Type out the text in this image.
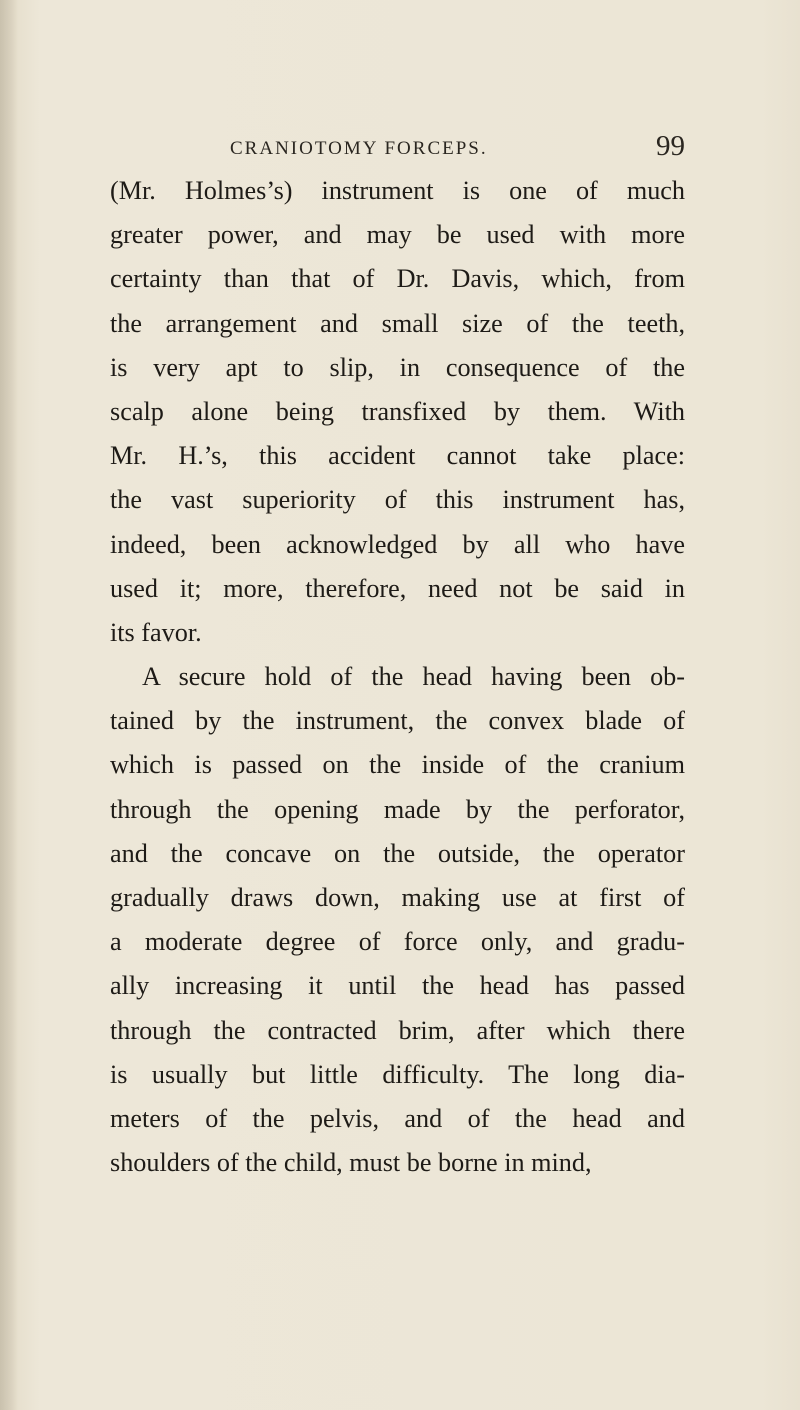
CRANIOTOMY FORCEPS.	99
(Mr. Holmes’s) instrument is one of much
greater power, and may be used with more
certainty than that of Dr. Davis, which, from
the arrangement and small size of the teeth,
is very apt to slip, in consequence of the
scalp alone being transfixed by them. With
Mr. H.’s, this accident cannot take place:
the vast superiority of this instrument has,
indeed, been acknowledged by all who have
used it; more, therefore, need not be said in
its favor.
A secure hold of the head having been ob-
tained by the instrument, the convex blade of
which is passed on the inside of the cranium
through the opening made by the perforator,
and the concave on the outside, the operator
gradually draws down, making use at first of
a moderate degree of force only, and gradu-
ally increasing it until the head has passed
through the contracted brim, after which there
is usually but little difficulty. The long dia-
meters of the pelvis, and of the head and
shoulders of the child, must be borne in mind,
